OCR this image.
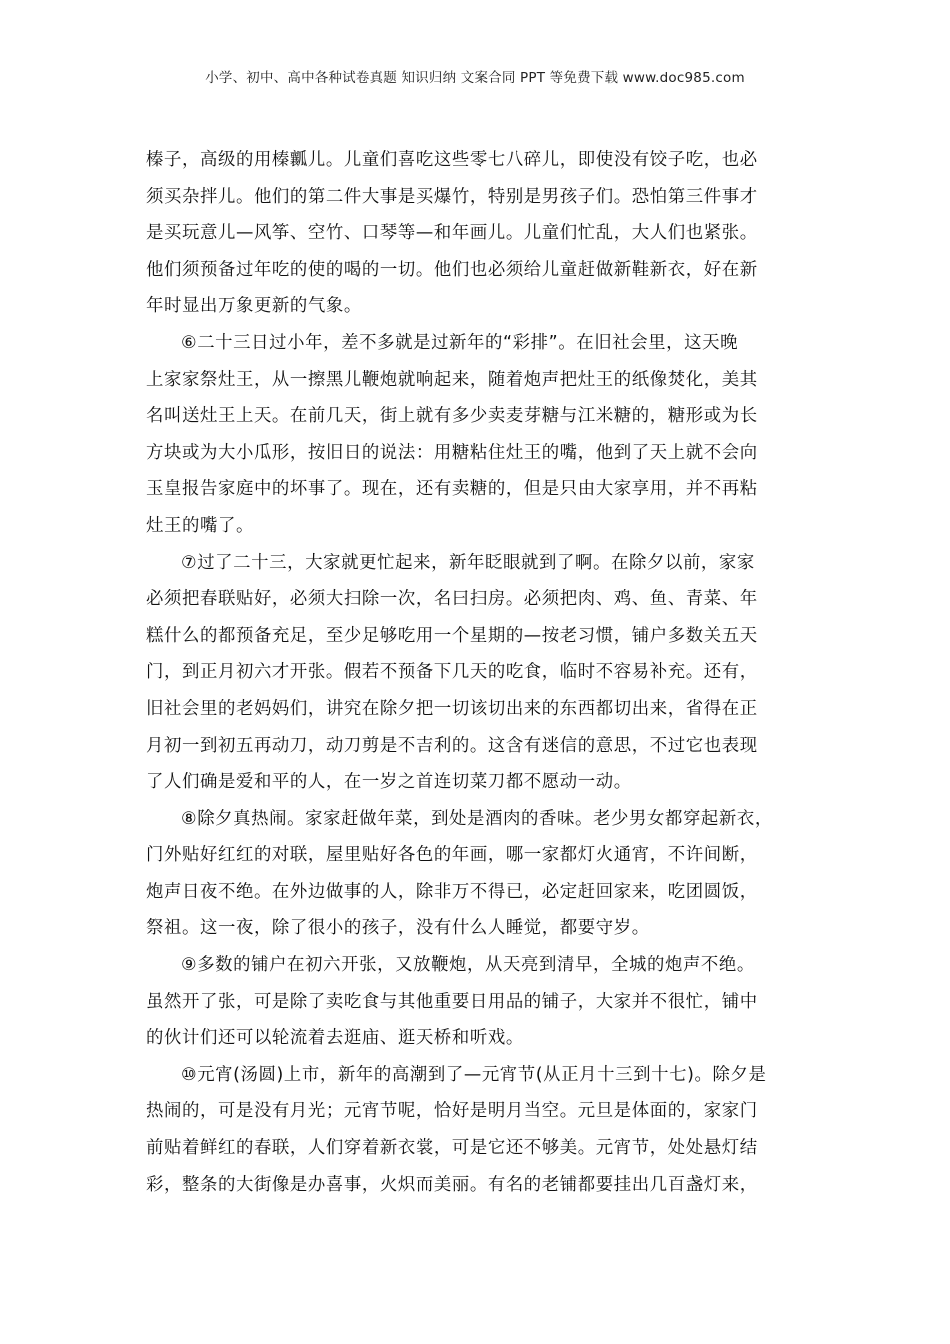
小学、初中、高中各种试卷真题 知识归纳 文案合同 PPT 等免费下载 www.doc985.com
榛子，高级的用榛瓤儿。儿童们喜吃这些零七八碎儿，即使没有饺子吃，也必
须买杂拌儿。他们的第二件大事是买爆竹，特别是男孩子们。恐怕第三件事才
是买玩意儿—风筝、空竹、口琴等—和年画儿。儿童们忙乱，大人们也紧张。
他们须预备过年吃的使的喝的一切。他们也必须给儿童赶做新鞋新衣，好在新
年时显出万象更新的气象。
⑥二十三日过小年，差不多就是过新年的“彩排”。在旧社会里，这天晚
上家家祭灶王，从一擦黑儿鞭炮就响起来，随着炮声把灶王的纸像焚化，美其
名叫送灶王上天。在前几天，街上就有多少卖麦芽糖与江米糖的，糖形或为长
方块或为大小瓜形，按旧日的说法：用糖粘住灶王的嘴，他到了天上就不会向
玉皇报告家庭中的坏事了。现在，还有卖糖的，但是只由大家享用，并不再粘
灶王的嘴了。
⑦过了二十三，大家就更忙起来，新年眨眼就到了啊。在除夕以前，家家
必须把春联贴好，必须大扫除一次，名曰扫房。必须把肉、鸡、鱼、青菜、年
糕什么的都预备充足，至少足够吃用一个星期的—按老习惯，铺户多数关五天
门，到正月初六才开张。假若不预备下几天的吃食，临时不容易补充。还有，
旧社会里的老妈妈们，讲究在除夕把一切该切出来的东西都切出来，省得在正
月初一到初五再动刀，动刀剪是不吉利的。这含有迷信的意思，不过它也表现
了人们确是爱和平的人，在一岁之首连切菜刀都不愿动一动。
⑧除夕真热闹。家家赶做年菜，到处是酒肉的香味。老少男女都穿起新衣，
门外贴好红红的对联，屋里贴好各色的年画，哪一家都灯火通宵，不许间断，
炮声日夜不绝。在外边做事的人，除非万不得已，必定赶回家来，吃团圆饭，
祭祖。这一夜，除了很小的孩子，没有什么人睡觉，都要守岁。
⑨多数的铺户在初六开张，又放鞭炮，从天亮到清早，全城的炮声不绝。
虽然开了张，可是除了卖吃食与其他重要日用品的铺子，大家并不很忙，铺中
的伙计们还可以轮流着去逛庙、逛天桥和听戏。
⑩元宵(汤圆)上市，新年的高潮到了—元宵节(从正月十三到十七)。除夕是
热闹的，可是没有月光；元宵节呢，恰好是明月当空。元旦是体面的，家家门
前贴着鲜红的春联，人们穿着新衣裳，可是它还不够美。元宵节，处处悬灯结
彩，整条的大街像是办喜事，火炽而美丽。有名的老铺都要挂出几百盏灯来，
